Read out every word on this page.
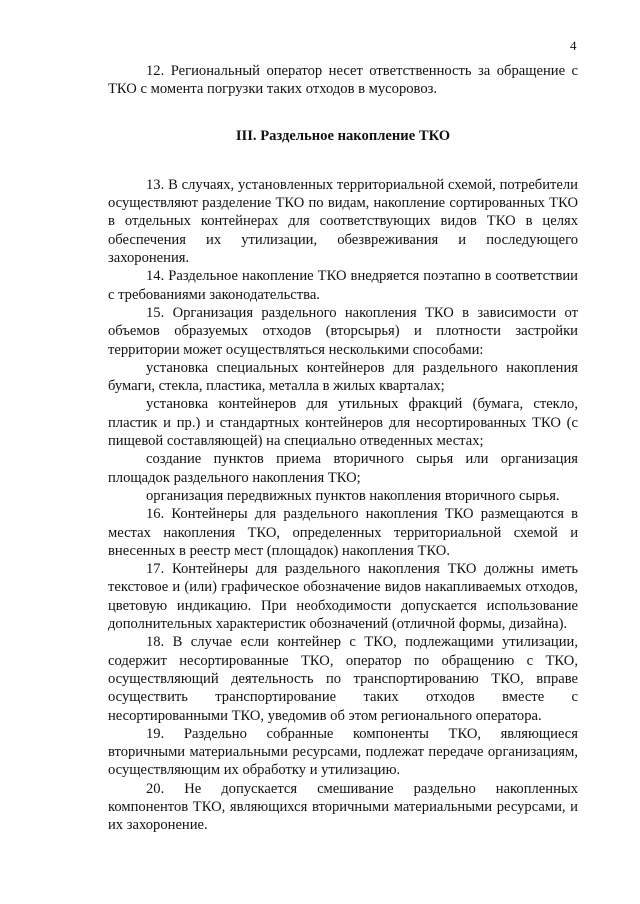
4

12. Региональный оператор несет ответственность за обращение с ТКО с момента погрузки таких отходов в мусоровоз.

III. Раздельное накопление ТКО

13. В случаях, установленных территориальной схемой, потребители осуществляют разделение ТКО по видам, накопление сортированных ТКО в отдельных контейнерах для соответствующих видов ТКО в целях обеспечения их утилизации, обезвреживания и последующего захоронения.

14. Раздельное накопление ТКО внедряется поэтапно в соответствии с требованиями законодательства.

15. Организация раздельного накопления ТКО в зависимости от объемов образуемых отходов (вторсырья) и плотности застройки территории может осуществляться несколькими способами:

установка специальных контейнеров для раздельного накопления бумаги, стекла, пластика, металла в жилых кварталах;

установка контейнеров для утильных фракций (бумага, стекло, пластик и пр.) и стандартных контейнеров для несортированных ТКО (с пищевой составляющей) на специально отведенных местах;

создание пунктов приема вторичного сырья или организация площадок раздельного накопления ТКО;

организация передвижных пунктов накопления вторичного сырья.

16. Контейнеры для раздельного накопления ТКО размещаются в местах накопления ТКО, определенных территориальной схемой и внесенных в реестр мест (площадок) накопления ТКО.

17. Контейнеры для раздельного накопления ТКО должны иметь текстовое и (или) графическое обозначение видов накапливаемых отходов, цветовую индикацию. При необходимости допускается использование дополнительных характеристик обозначений (отличной формы, дизайна).

18. В случае если контейнер с ТКО, подлежащими утилизации, содержит несортированные ТКО, оператор по обращению с ТКО, осуществляющий деятельность по транспортированию ТКО, вправе осуществить транспортирование таких отходов вместе с несортированными ТКО, уведомив об этом регионального оператора.

19. Раздельно собранные компоненты ТКО, являющиеся вторичными материальными ресурсами, подлежат передаче организациям, осуществляющим их обработку и утилизацию.

20. Не допускается смешивание раздельно накопленных компонентов ТКО, являющихся вторичными материальными ресурсами, и их захоронение.
